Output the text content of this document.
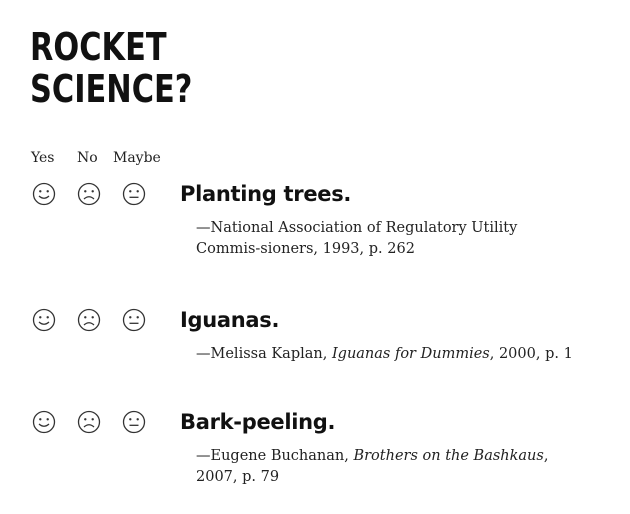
ROCKET
SCIENCE?
Yes No Maybe
Planting trees.

—National Association of Regulatory Utility Commis-sioners, 1993, p. 262

Iguanas.

—Melissa Kaplan, Iguanas for Dummies, 2000, p. 1

Bark-peeling.

—Eugene Buchanan, Brothers on the Bashkaus, 2007, p. 79
